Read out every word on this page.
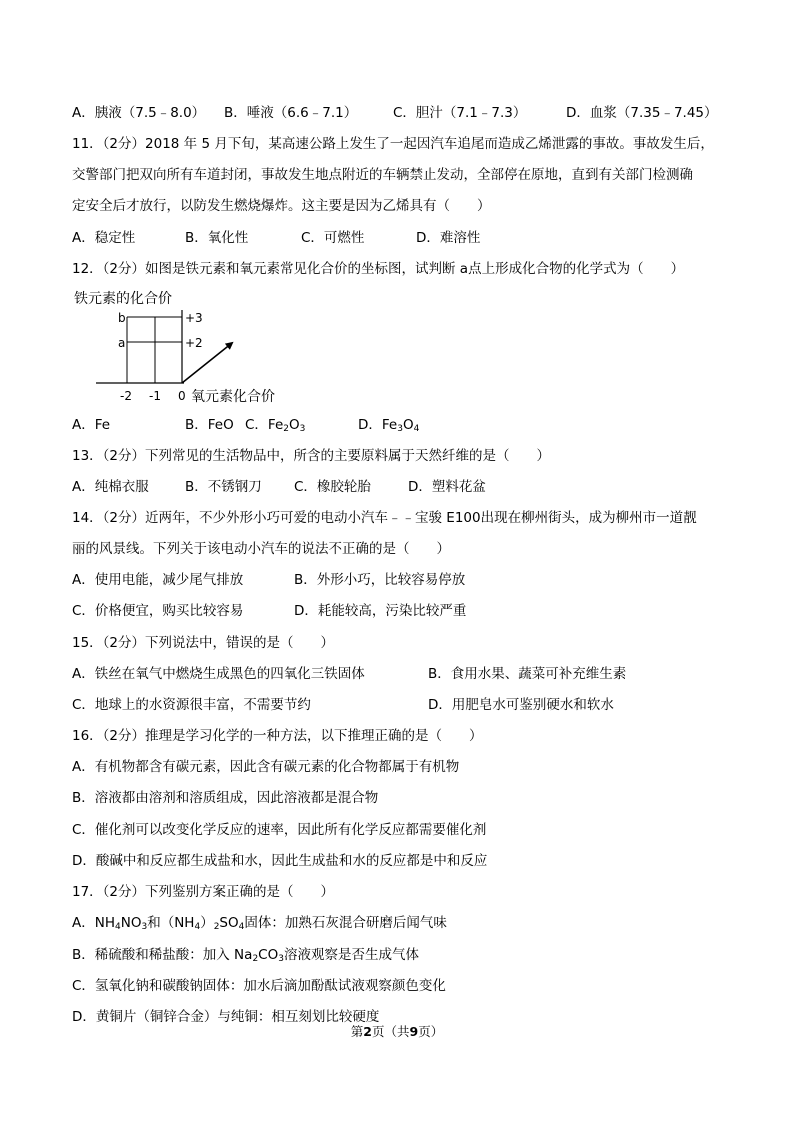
A．胰液（7.5﹣8.0） B．唾液（6.6﹣7.1）	C．胆汁（7.1﹣7.3）	D．血浆（7.35﹣7.45）
11．（2分）2018 年 5 月下旬，某高速公路上发生了一起因汽车追尾而造成乙烯泄露的事故。事故发生后，
交警部门把双向所有车道封闭，事故发生地点附近的车辆禁止发动，全部停在原地，直到有关部门检测确
定安全后才放行，以防发生燃烧爆炸。这主要是因为乙烯具有（　　）
A．稳定性	B．氧化性	C．可燃性	D．难溶性
12．（2分）如图是铁元素和氧元素常见化合价的坐标图，试判断 a点上形成化合物的化学式为（　　）
铁元素的化合价
b
a
+3
+2
-2 -1 0 氧元素化合价
A．Fe	B．FeO C．$Fe_2O_3$	D．$Fe_3O_4$
13．（2分）下列常见的生活物品中，所含的主要原料属于天然纤维的是（　　）
A．纯棉衣服	B．不锈钢刀 C．橡胶轮胎	D．塑料花盆
14．（2分）近两年，不少外形小巧可爱的电动小汽车﹣﹣宝骏 E100出现在柳州街头，成为柳州市一道靓
丽的风景线。下列关于该电动小汽车的说法不正确的是（　　）
A．使用电能，减少尾气排放	B．外形小巧，比较容易停放
C．价格便宜，购买比较容易	D．耗能较高，污染比较严重
15．（2分）下列说法中，错误的是（　　）
A．铁丝在氧气中燃烧生成黑色的四氧化三铁固体	B．食用水果、蔬菜可补充维生素
C．地球上的水资源很丰富，不需要节约	D．用肥皂水可鉴别硬水和软水
16．（2分）推理是学习化学的一种方法，以下推理正确的是（　　）
A．有机物都含有碳元素，因此含有碳元素的化合物都属于有机物
B．溶液都由溶剂和溶质组成，因此溶液都是混合物
C．催化剂可以改变化学反应的速率，因此所有化学反应都需要催化剂
D．酸碱中和反应都生成盐和水，因此生成盐和水的反应都是中和反应
17．（2分）下列鉴别方案正确的是（　　）
A．$NH_4NO_3$和$(NH_4)_2SO_4$固体：加熟石灰混合研磨后闻气味
B．稀硫酸和稀盐酸：加入 $Na_2CO_3$溶液观察是否生成气体
C．氢氧化钠和碳酸钠固体：加水后滴加酚酞试液观察颜色变化
D．黄铜片（铜锌合金）与纯铜：相互刻划比较硬度
第2页（共9页）
